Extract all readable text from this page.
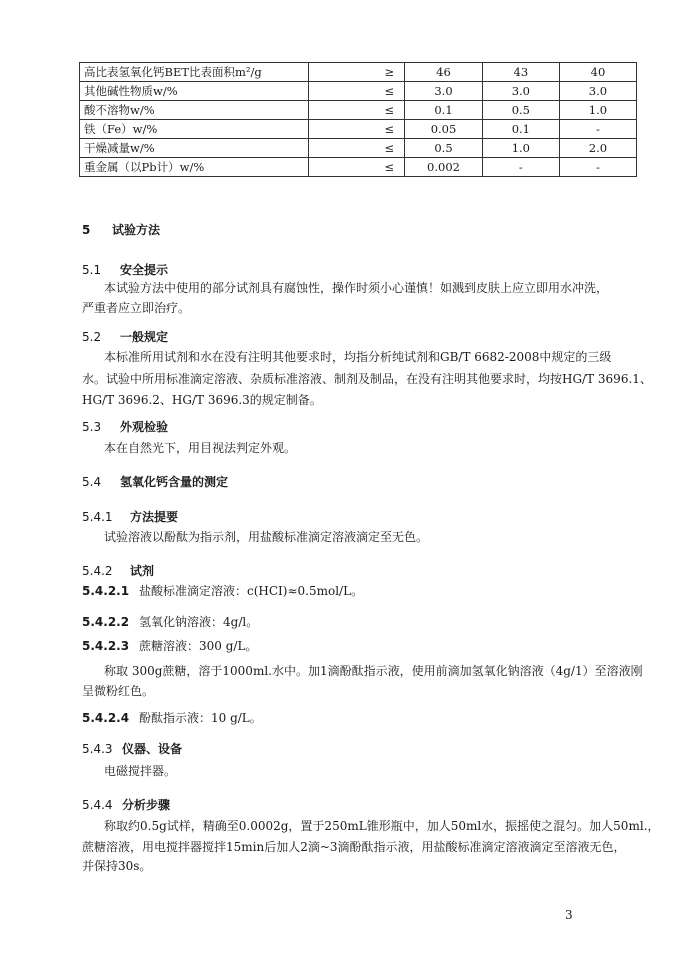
高比表氢氧化钙BET比表面积m²/g	≥	46	43	40
其他碱性物质w/%	≤	3.0	3.0	3.0
酸不溶物w/%	≤	0.1	0.5	1.0
铁（Fe）w/%	≤	0.05	0.1	-
干燥减量w/%	≤	0.5	1.0	2.0
重金属（以Pb计）w/%	≤	0.002	-	-
5 试验方法
5.1 安全提示
本试验方法中使用的部分试剂具有腐蚀性，操作时须小心谨慎！如溅到皮肤上应立即用水冲洗，
严重者应立即治疗。
5.2 一般规定
本标准所用试剂和水在没有注明其他要求时，均指分析纯试剂和GB/T 6682-2008中规定的三级
水。试验中所用标准滴定溶液、杂质标准溶液、制剂及制品，在没有注明其他要求时，均按HG/T 3696.1、
HG/T 3696.2、HG/T 3696.3的规定制备。
5.3 外观检验
本在自然光下，用目视法判定外观。
5.4 氢氧化钙含量的测定
5.4.1 方法提要
试验溶液以酚酞为指示剂，用盐酸标准滴定溶液滴定至无色。
5.4.2 试剂
5.4.2.1 盐酸标准滴定溶液：c(HCI)≈0.5mol/L。
5.4.2.2 氢氧化钠溶液：4g/l。
5.4.2.3 蔗糖溶液：300 g/L。
称取 300g蔗糖，溶于1000ml.水中。加1滴酚酞指示液，使用前滴加氢氧化钠溶液（4g/1）至溶液刚
呈微粉红色。
5.4.2.4 酚酞指示液：10 g/L。
5.4.3 仪器、设备
电磁搅拌器。
5.4.4 分析步骤
称取约0.5g试样，精确至0.0002g，置于250mL锥形瓶中，加人50ml水，振摇使之混匀。加人50ml.，
蔗糖溶液，用电搅拌器搅拌15min后加人2滴~3滴酚酞指示液，用盐酸标准滴定溶液滴定至溶液无色，
并保持30s。
3
